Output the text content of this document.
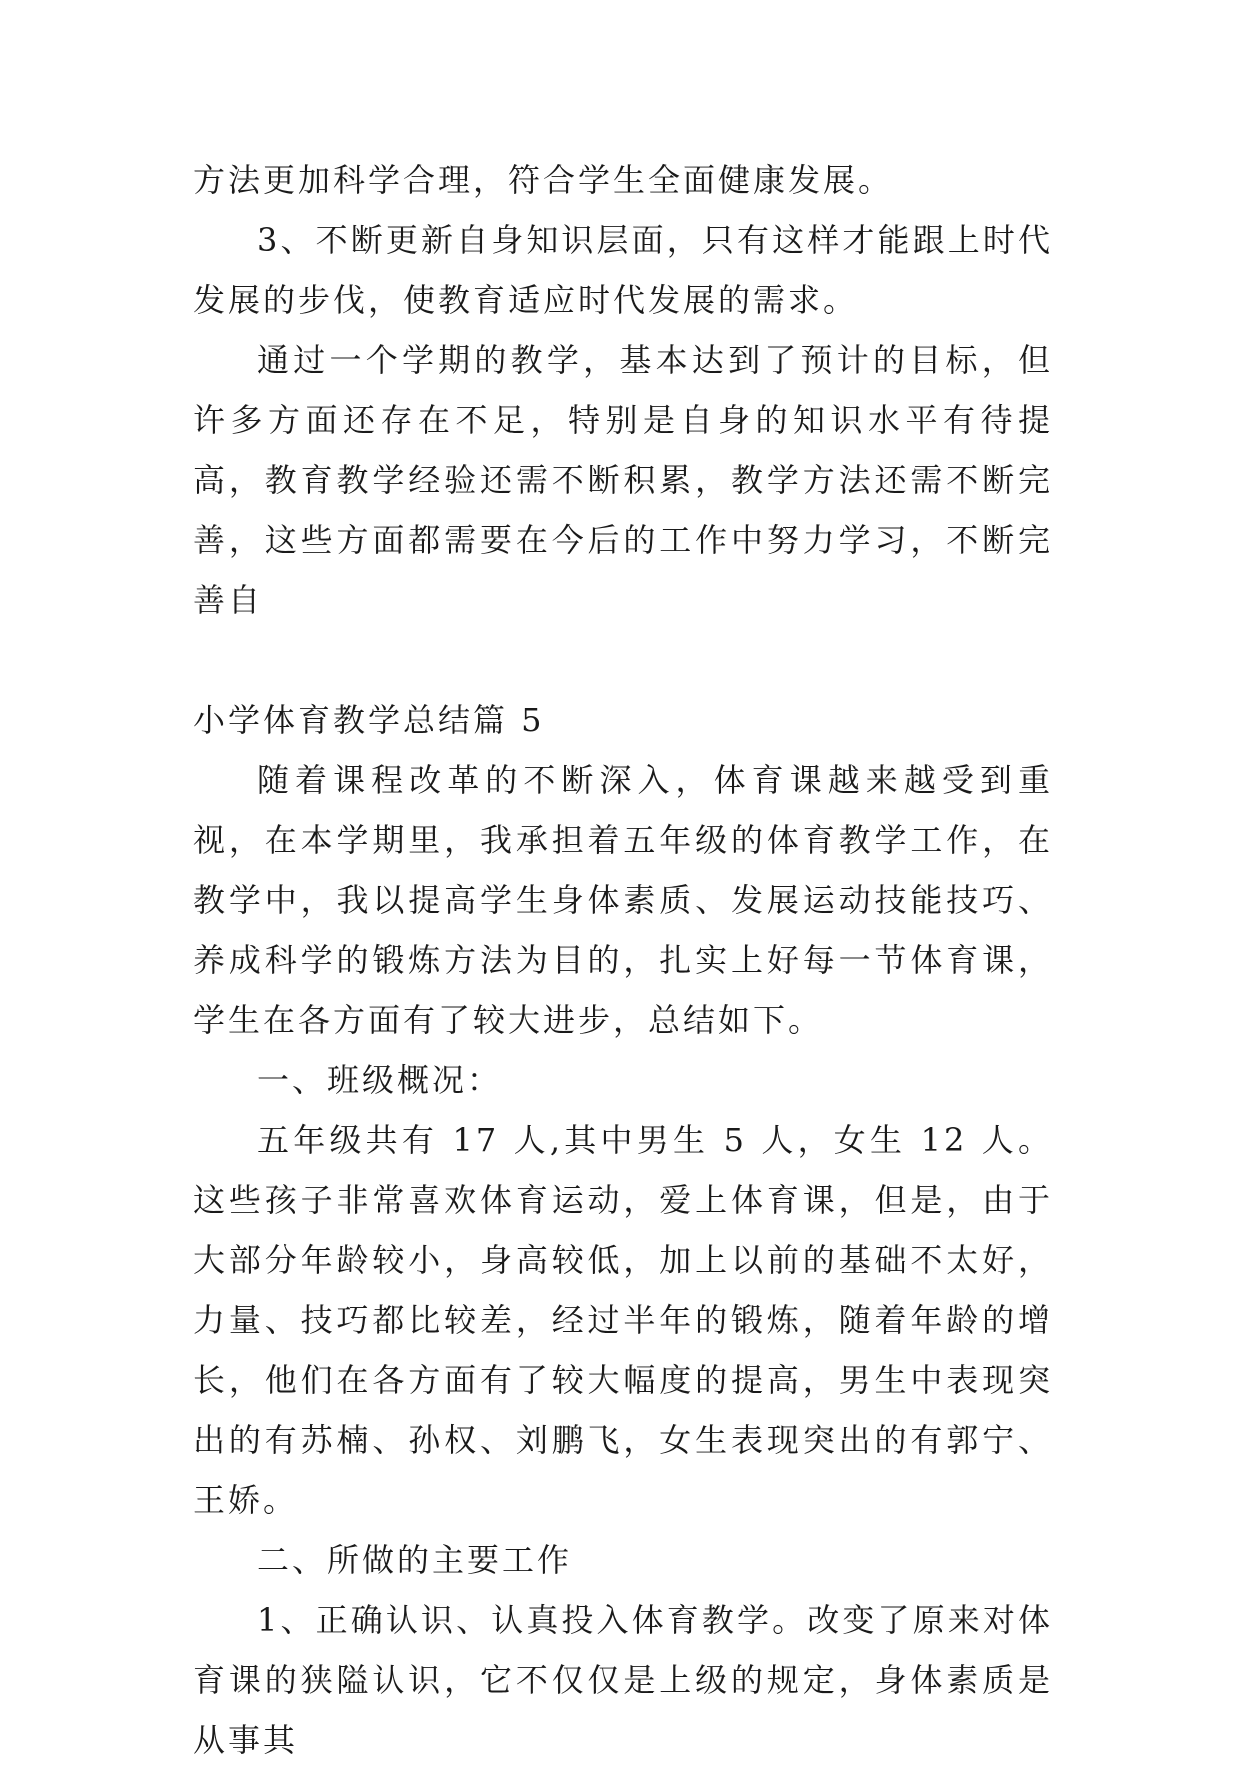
方法更加科学合理，符合学生全面健康发展。

3、不断更新自身知识层面，只有这样才能跟上时代发展的步伐，使教育适应时代发展的需求。

通过一个学期的教学，基本达到了预计的目标，但许多方面还存在不足，特别是自身的知识水平有待提高，教育教学经验还需不断积累，教学方法还需不断完善，这些方面都需要在今后的工作中努力学习，不断完善自

小学体育教学总结篇 5

随着课程改革的不断深入，体育课越来越受到重视，在本学期里，我承担着五年级的体育教学工作，在教学中，我以提高学生身体素质、发展运动技能技巧、养成科学的锻炼方法为目的，扎实上好每一节体育课，学生在各方面有了较大进步，总结如下。

一、班级概况：

五年级共有 17 人,其中男生 5 人，女生 12 人。这些孩子非常喜欢体育运动，爱上体育课，但是，由于大部分年龄较小，身高较低，加上以前的基础不太好，力量、技巧都比较差，经过半年的锻炼，随着年龄的增长，他们在各方面有了较大幅度的提高，男生中表现突出的有苏楠、孙权、刘鹏飞，女生表现突出的有郭宁、王娇。

二、所做的主要工作

1、正确认识、认真投入体育教学。改变了原来对体育课的狭隘认识，它不仅仅是上级的规定，身体素质是从事其
